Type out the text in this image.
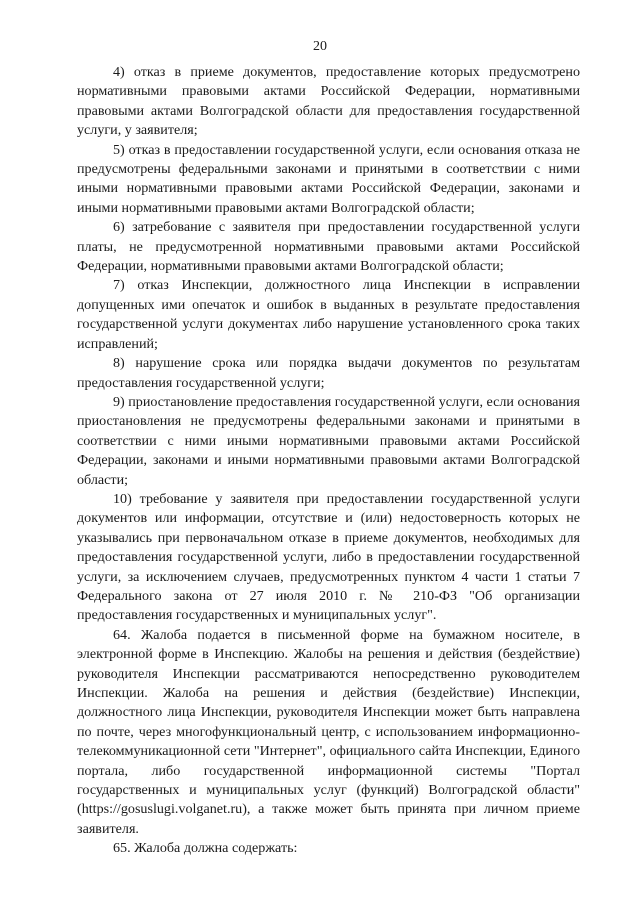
20

4) отказ в приеме документов, предоставление которых предусмотрено нормативными правовыми актами Российской Федерации, нормативными правовыми актами Волгоградской области для предоставления государственной услуги, у заявителя;

5) отказ в предоставлении государственной услуги, если основания отказа не предусмотрены федеральными законами и принятыми в соответствии с ними иными нормативными правовыми актами Российской Федерации, законами и иными нормативными правовыми актами Волгоградской области;

6) затребование с заявителя при предоставлении государственной услуги платы, не предусмотренной нормативными правовыми актами Российской Федерации, нормативными правовыми актами Волгоградской области;

7) отказ Инспекции, должностного лица Инспекции в исправлении допущенных ими опечаток и ошибок в выданных в результате предоставления государственной услуги документах либо нарушение установленного срока таких исправлений;

8) нарушение срока или порядка выдачи документов по результатам предоставления государственной услуги;

9) приостановление предоставления государственной услуги, если основания приостановления не предусмотрены федеральными законами и принятыми в соответствии с ними иными нормативными правовыми актами Российской Федерации, законами и иными нормативными правовыми актами Волгоградской области;

10) требование у заявителя при предоставлении государственной услуги документов или информации, отсутствие и (или) недостоверность которых не указывались при первоначальном отказе в приеме документов, необходимых для предоставления государственной услуги, либо в предоставлении государственной услуги, за исключением случаев, предусмотренных пунктом 4 части 1 статьи 7 Федерального закона от 27 июля 2010 г. № 210-ФЗ "Об организации предоставления государственных и муниципальных услуг".

64. Жалоба подается в письменной форме на бумажном носителе, в электронной форме в Инспекцию. Жалобы на решения и действия (бездействие) руководителя Инспекции рассматриваются непосредственно руководителем Инспекции. Жалоба на решения и действия (бездействие) Инспекции, должностного лица Инспекции, руководителя Инспекции может быть направлена по почте, через многофункциональный центр, с использованием информационно-телекоммуникационной сети "Интернет", официального сайта Инспекции, Единого портала, либо государственной информационной системы "Портал государственных и муниципальных услуг (функций) Волгоградской области" (https://gosuslugi.volganet.ru), а также может быть принята при личном приеме заявителя.

65. Жалоба должна содержать:
